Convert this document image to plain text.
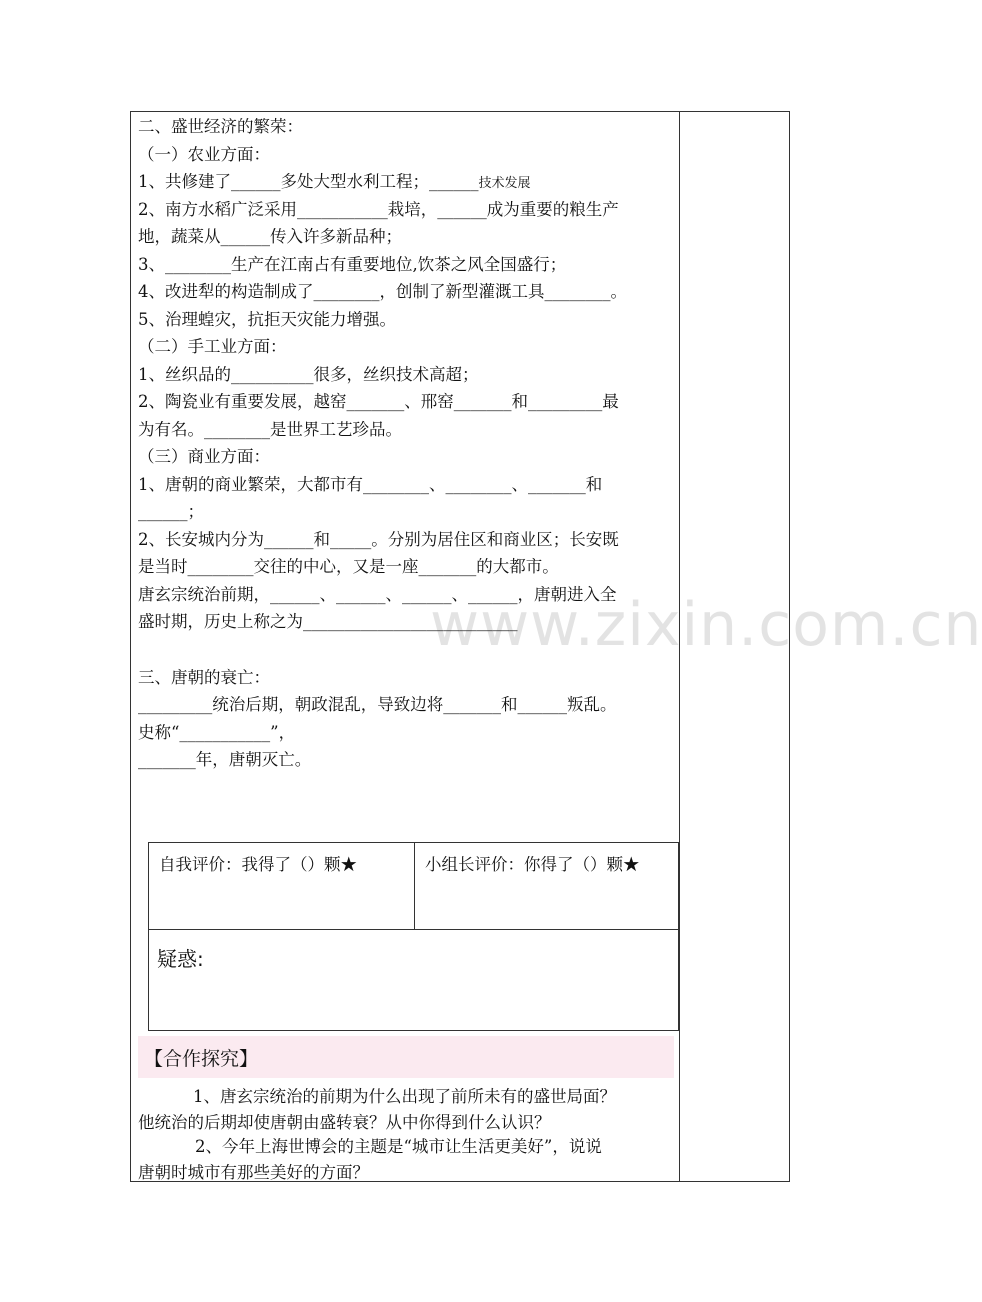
www.zixin.com.cn
二、盛世经济的繁荣：
（一）农业方面：
1、共修建了______多处大型水利工程；______技术发展
2、南方水稻广泛采用___________栽培，______成为重要的粮生产
地，蔬菜从______传入许多新品种；
3、________生产在江南占有重要地位,饮茶之风全国盛行；
4、改进犁的构造制成了________，创制了新型灌溉工具________。
5、治理蝗灾，抗拒天灾能力增强。
（二）手工业方面：
1、丝织品的__________很多，丝织技术高超；
2、陶瓷业有重要发展，越窑_______、邢窑_______和_________最
为有名。________是世界工艺珍品。
（三）商业方面：
1、唐朝的商业繁荣，大都市有________、________、_______和
______；
2、长安城内分为______和_____。分别为居住区和商业区；长安既
是当时________交往的中心，又是一座_______的大都市。
唐玄宗统治前期，______、______、______、______，唐朝进入全
盛时期，历史上称之为__________________________
三、唐朝的衰亡：
_________统治后期，朝政混乱，导致边将_______和______叛乱。
史称“___________”，
_______年，唐朝灭亡。
自我评价：我得了（）颗★	小组长评价：你得了（）颗★
疑惑:
【合作探究】
1、唐玄宗统治的前期为什么出现了前所未有的盛世局面？
他统治的后期却使唐朝由盛转衰？从中你得到什么认识？
2、今年上海世博会的主题是“城市让生活更美好”，说说
唐朝时城市有那些美好的方面？
